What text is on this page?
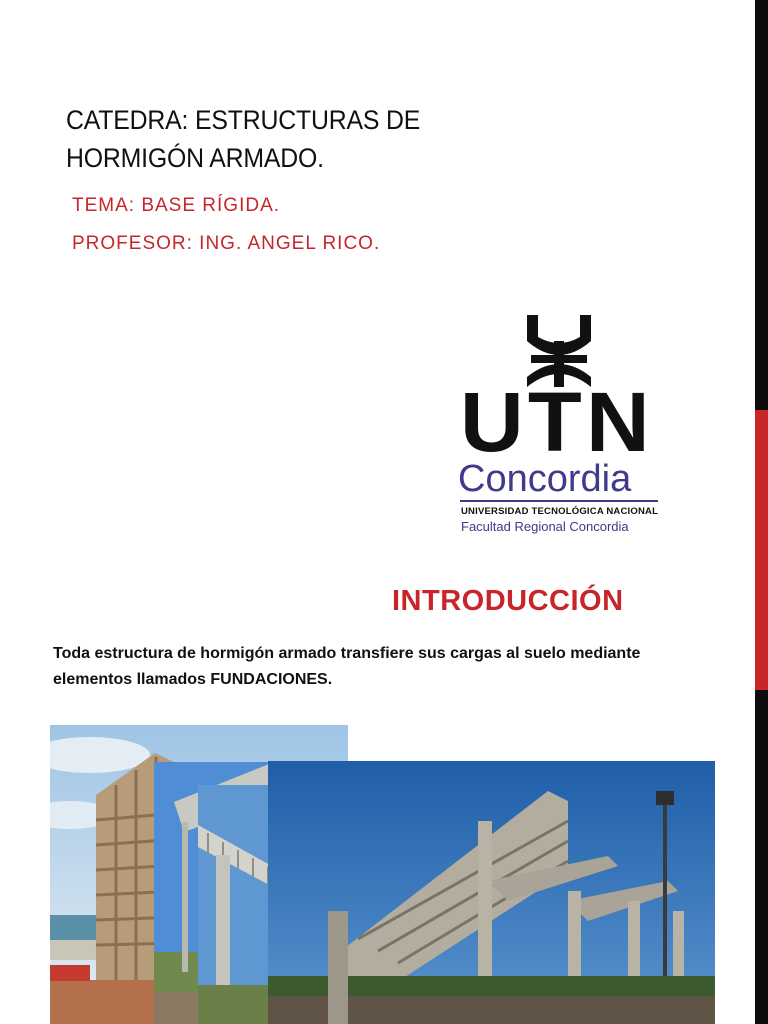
CATEDRA: ESTRUCTURAS DE
HORMIGÓN ARMADO.
TEMA: BASE RÍGIDA.
PROFESOR: ING. ANGEL RICO.
UTN
Concordia
UNIVERSIDAD TECNOLÓGICA NACIONAL
Facultad Regional Concordia
INTRODUCCIÓN
Toda estructura de hormigón armado transfiere sus cargas al suelo mediante elementos llamados FUNDACIONES.
